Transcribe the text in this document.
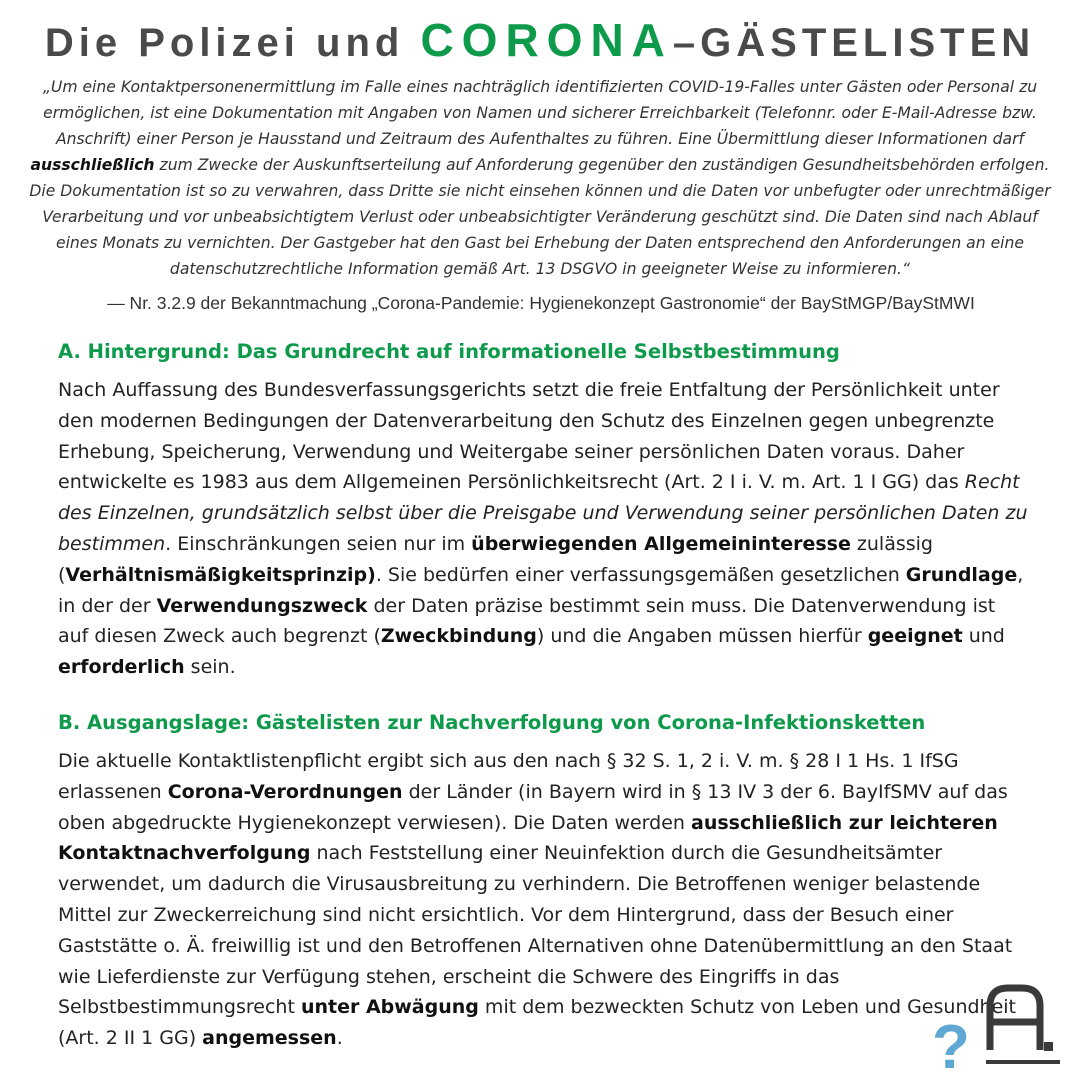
Die Polizei und CORONA–GÄSTELISTEN
„Um eine Kontaktpersonenermittlung im Falle eines nachträglich identifizierten COVID-19-Falles unter Gästen oder Personal zu ermöglichen, ist eine Dokumentation mit Angaben von Namen und sicherer Erreichbarkeit (Telefonnr. oder E-Mail-Adresse bzw. Anschrift) einer Person je Hausstand und Zeitraum des Aufenthaltes zu führen. Eine Übermittlung dieser Informationen darf ausschließlich zum Zwecke der Auskunftserteilung auf Anforderung gegenüber den zuständigen Gesundheitsbehörden erfolgen. Die Dokumentation ist so zu verwahren, dass Dritte sie nicht einsehen können und die Daten vor unbefugter oder unrechtmäßiger Verarbeitung und vor unbeabsichtigtem Verlust oder unbeabsichtigter Veränderung geschützt sind. Die Daten sind nach Ablauf eines Monats zu vernichten. Der Gastgeber hat den Gast bei Erhebung der Daten entsprechend den Anforderungen an eine datenschutzrechtliche Information gemäß Art. 13 DSGVO in geeigneter Weise zu informieren.“
— Nr. 3.2.9 der Bekanntmachung „Corona-Pandemie: Hygienekonzept Gastronomie“ der BayStMGP/BayStMWI
A. Hintergrund: Das Grundrecht auf informationelle Selbstbestimmung
Nach Auffassung des Bundesverfassungsgerichts setzt die freie Entfaltung der Persönlichkeit unter den modernen Bedingungen der Datenverarbeitung den Schutz des Einzelnen gegen unbegrenzte Erhebung, Speicherung, Verwendung und Weitergabe seiner persönlichen Daten voraus. Daher entwickelte es 1983 aus dem Allgemeinen Persönlichkeitsrecht (Art. 2 I i. V. m. Art. 1 I GG) das Recht des Einzelnen, grundsätzlich selbst über die Preisgabe und Verwendung seiner persönlichen Daten zu bestimmen. Einschränkungen seien nur im überwiegenden Allgemeininteresse zulässig (Verhältnismäßigkeitsprinzip). Sie bedürfen einer verfassungsgemäßen gesetzlichen Grundlage, in der der Verwendungszweck der Daten präzise bestimmt sein muss. Die Datenverwendung ist auf diesen Zweck auch begrenzt (Zweckbindung) und die Angaben müssen hierfür geeignet und erforderlich sein.
B. Ausgangslage: Gästelisten zur Nachverfolgung von Corona-Infektionsketten
Die aktuelle Kontaktlistenpflicht ergibt sich aus den nach § 32 S. 1, 2 i. V. m. § 28 I 1 Hs. 1 IfSG erlassenen Corona-Verordnungen der Länder (in Bayern wird in § 13 IV 3 der 6. BayIfSMV auf das oben abgedruckte Hygienekonzept verwiesen). Die Daten werden ausschließlich zur leichteren Kontaktnachverfolgung nach Feststellung einer Neuinfektion durch die Gesundheitsämter verwendet, um dadurch die Virusausbreitung zu verhindern. Die Betroffenen weniger belastende Mittel zur Zweckerreichung sind nicht ersichtlich. Vor dem Hintergrund, dass der Besuch einer Gaststätte o. Ä. freiwillig ist und den Betroffenen Alternativen ohne Datenübermittlung an den Staat wie Lieferdienste zur Verfügung stehen, erscheint die Schwere des Eingriffs in das Selbstbestimmungsrecht unter Abwägung mit dem bezweckten Schutz von Leben und Gesundheit (Art. 2 II 1 GG) angemessen.	?
